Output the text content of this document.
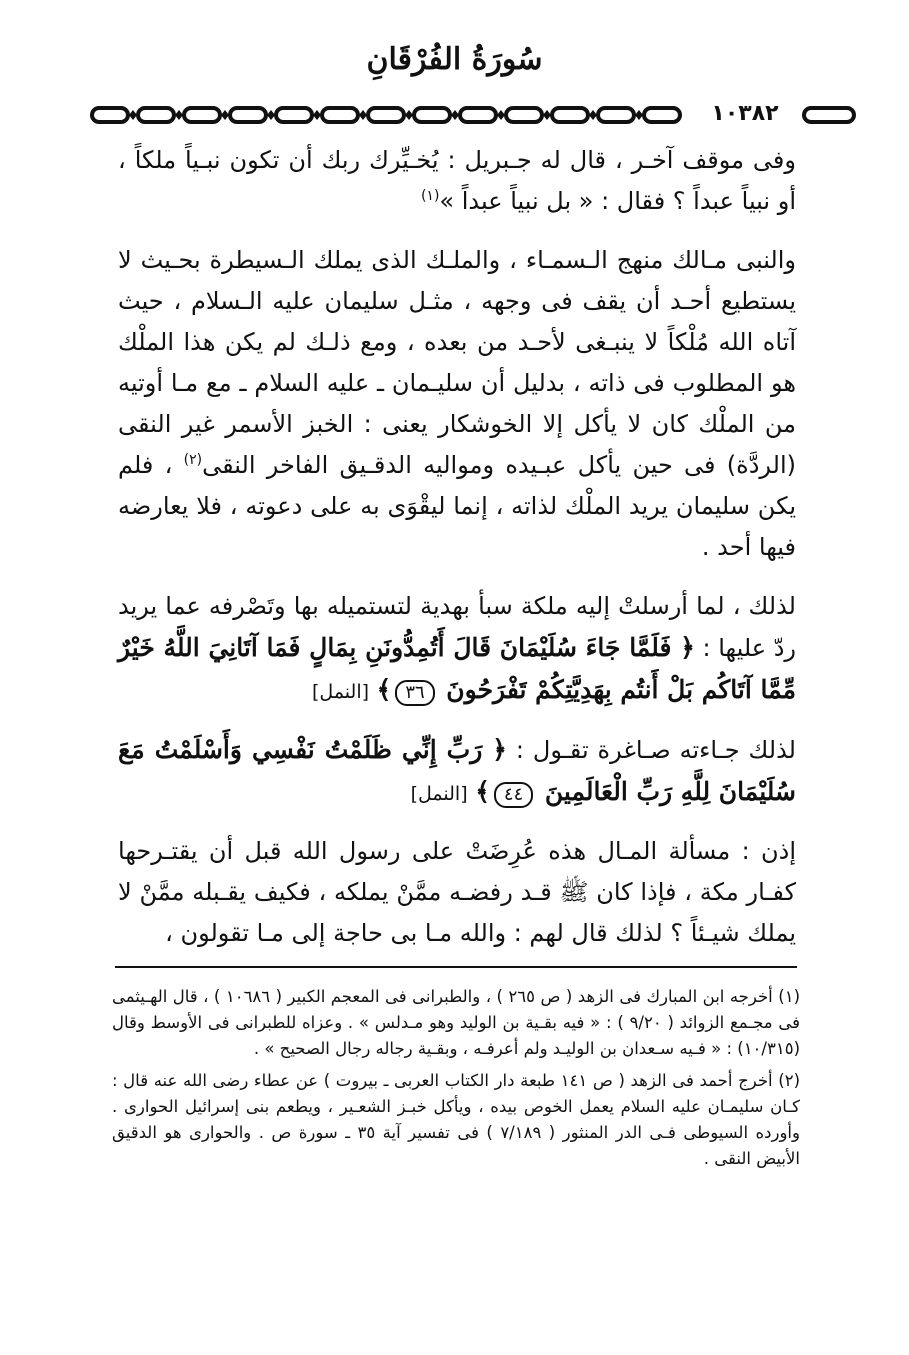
سُورَةُ الفُرْقَانِ
١٠٣٨٢

وفى موقف آخـر ، قال له جـبريل : يُخـيِّرك ربك أن تكون نبـياً ملكاً ، أو نبياً عبداً ؟ فقال : « بل نبياً عبداً »$^{(١)}$

والنبى مـالك منهج الـسمـاء ، والملـك الذى يملك الـسيطرة بحـيث لا يستطيع أحـد أن يقف فى وجهه ، مثـل سليمان عليه الـسلام ، حيث آتاه الله مُلْكاً لا ينبـغى لأحـد من بعده ، ومع ذلـك لم يكن هذا الملْك هو المطلوب فى ذاته ، بدليل أن سليـمان ـ عليه السلام ـ مع مـا أوتيه من الملْك كان لا يأكل إلا الخوشكار يعنى : الخبز الأسمر غير النقى (الردَّة) فى حين يأكل عبـيده ومواليه الدقـيق الفاخر النقى$^{(٢)}$ ، فلم يكن سليمان يريد الملْك لذاته ، إنما ليقْوَى به على دعوته ، فلا يعارضه فيها أحد .

لذلك ، لما أرسلتْ إليه ملكة سبأ بهدية لتستميله بها وتَصْرفه عما يريد ردّ عليها : ﴿ فَلَمَّا جَاءَ سُلَيْمَانَ قَالَ أَتُمِدُّونَنِ بِمَالٍ فَمَا آتَانِيَ اللَّهُ خَيْرٌ مِّمَّا آتَاكُم بَلْ أَنتُم بِهَدِيَّتِكُمْ تَفْرَحُونَ ٣٦﴾ [النمل]

لذلك جـاءته صـاغرة تقـول : ﴿ رَبِّ إِنِّي ظَلَمْتُ نَفْسِي وَأَسْلَمْتُ مَعَ سُلَيْمَانَ لِلَّهِ رَبِّ الْعَالَمِينَ ٤٤﴾ [النمل]

إذن : مسألة المـال هذه عُرِضَتْ على رسول الله قبل أن يقتـرحها كفـار مكة ، فإذا كان ﷺ قـد رفضـه ممَّنْ يملكه ، فكيف يقـبله ممَّنْ لا يملك شيـئاً ؟ لذلك قال لهم : والله مـا بى حاجة إلى مـا تقولون ،

(١) أخرجه ابن المبارك فى الزهد ( ص ٢٦٥ ) ، والطبرانى فى المعجم الكبير ( ١٠٦٨٦ ) ، قال الهـيثمى فى مجـمع الزوائد ( ٩/٢٠ ) : « فيه بقـية بن الوليد وهو مـدلس » . وعزاه للطبرانى فى الأوسط وقال (١٠/٣١٥) : « فـيه سـعدان بن الوليـد ولم أعرفـه ، وبقـية رجاله رجال الصحيح » .

(٢) أخرج أحمد فى الزهد ( ص ١٤١ طبعة دار الكتاب العربى ـ بيروت ) عن عطاء رضى الله عنه قال : كـان سليمـان عليه السلام يعمل الخوص بيده ، ويأكل خبـز الشعـير ، ويطعم بنى إسرائيل الحوارى . وأورده السيوطى فـى الدر المنثور ( ٧/١٨٩ ) فى تفسير آية ٣٥ ـ سورة ص . والحوارى هو الدقيق الأبيض النقى .
